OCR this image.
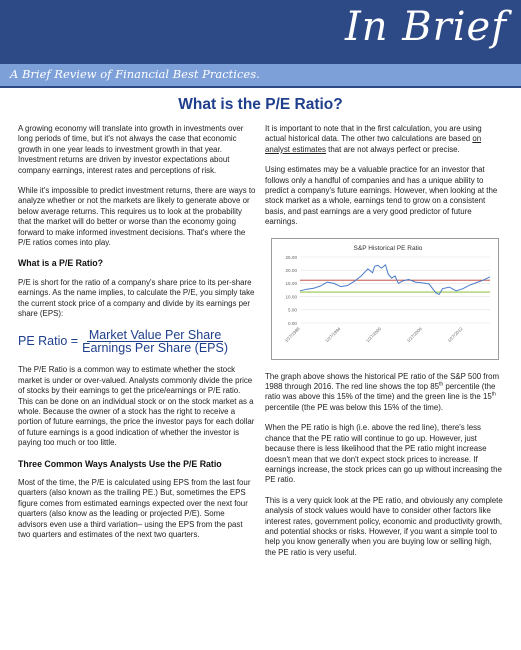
In Brief
A Brief Review of Financial Best Practices.
What is the P/E Ratio?

A growing economy will translate into growth in investments over long periods of time, but it's not always the case that economic growth in one year leads to investment growth in that year. Investment returns are driven by investor expectations about company earnings, interest rates and perceptions of risk.

While it's impossible to predict investment returns, there are ways to analyze whether or not the markets are likely to generate above or below average returns. This requires us to look at the probability that the market will do better or worse than the economy going forward to make informed investment decisions. That's where the P/E ratios comes into play.

What is a P/E Ratio?

P/E is short for the ratio of a company's share price to its per-share earnings. As the name implies, to calculate the P/E, you simply take the current stock price of a company and divide by its earnings per share (EPS):

PE Ratio = $\frac{\text{Market Value Per Share}}{\text{Earnings Per Share (EPS)}}$

The P/E Ratio is a common way to estimate whether the stock market is under or over-valued. Analysts commonly divide the price of stocks by their earnings to get the price/earnings or P/E ratio. This can be done on an individual stock or on the stock market as a whole. Because the owner of a stock has the right to receive a portion of future earnings, the price the investor pays for each dollar of future earnings is a good indication of whether the investor is paying too much or too little.

Three Common Ways Analysts Use the P/E Ratio

Most of the time, the P/E is calculated using EPS from the last four quarters (also known as the trailing PE.) But, sometimes the EPS figure comes from estimated earnings expected over the next four quarters (also know as the leading or projected P/E). Some advisors even use a third variation– using the EPS from the past two quarters and estimates of the next two quarters.

It is important to note that in the first calculation, you are using actual historical data. The other two calculations are based on analyst estimates that are not always perfect or precise.

Using estimates may be a valuable practice for an investor that follows only a handful of companies and has a unique ability to predict a company's future earnings. However, when looking at the stock market as a whole, earnings tend to grow on a consistent basis, and past earnings are a very good predictor of future earnings.

S&P Historical PE Ratio
25.00
20.00
15.00
10.00
5.00
0.00
1/27/1988	1/27/1994	1/27/2000	1/27/2006	1/27/2012

The graph above shows the historical PE ratio of the S&P 500 from 1988 through 2016. The red line shows the top 85th percentile (the ratio was above this 15% of the time) and the green line is the 15th percentile (the PE was below this 15% of the time).

When the PE ratio is high (i.e. above the red line), there's less chance that the PE ratio will continue to go up. However, just because there is less likelihood that the PE ratio might increase doesn't mean that we don't expect stock prices to increase. If earnings increase, the stock prices can go up without increasing the PE ratio.

This is a very quick look at the PE ratio, and obviously any complete analysis of stock values would have to consider other factors like interest rates, government policy, economic and productivity growth, and potential shocks or risks. However, if you want a simple tool to help you know generally when you are buying low or selling high, the PE ratio is very useful.
